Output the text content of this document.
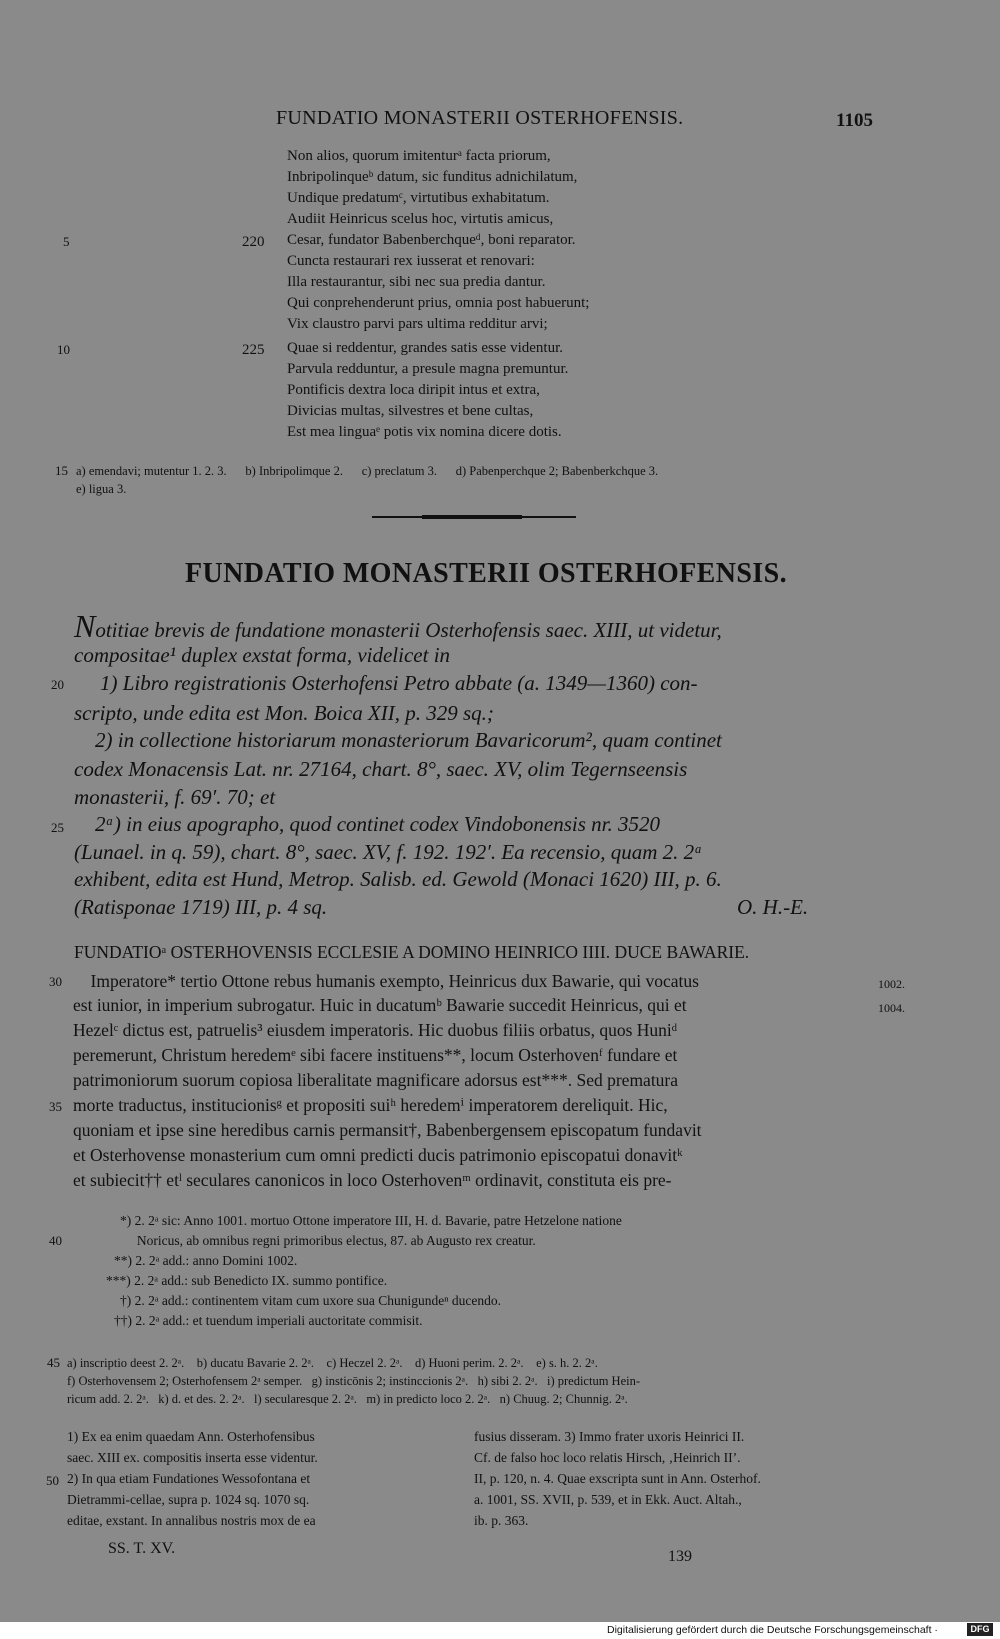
FUNDATIO MONASTERII OSTERHOFENSIS.	1105
Non alios, quorum imitenturᵃ facta priorum,
Inbripolinqueᵇ datum, sic funditus adnichilatum,
Undique predatumᶜ, virtutibus exhabitatum.
Audiit Heinricus scelus hoc, virtutis amicus,
5	220 Cesar, fundator Babenberchqueᵈ, boni reparator.
Cuncta restaurari rex iusserat et renovari:
Illa restaurantur, sibi nec sua predia dantur.
Qui conprehenderunt prius, omnia post habuerunt;
Vix claustro parvi pars ultima redditur arvi;
10	225 Quae si reddentur, grandes satis esse videntur.
Parvula redduntur, a presule magna premuntur.
Pontificis dextra loca diripit intus et extra,
Divicias multas, silvestres et bene cultas,
Est mea linguaᵉ potis vix nomina dicere dotis.
15 a) emendavi; mutentur 1. 2. 3.      b) Inbripolimque 2.      c) preclatum 3.      d) Pabenperchque 2; Babenberkchque 3.
e) ligua 3.
FUNDATIO MONASTERII OSTERHOFENSIS.
Notitiae brevis de fundatione monasterii Osterhofensis saec. XIII, ut videtur,
compositae¹ duplex exstat forma, videlicet in
20 1) Libro registrationis Osterhofensi Petro abbate (a. 1349—1360) con-
scripto, unde edita est Mon. Boica XII, p. 329 sq.;
2) in collectione historiarum monasteriorum Bavaricorum², quam continet
codex Monacensis Lat. nr. 27164, chart. 8°, saec. XV, olim Tegernseensis
monasterii, f. 69′. 70; et
25 2ᵃ) in eius apographo, quod continet codex Vindobonensis nr. 3520
(Lunael. in q. 59), chart. 8°, saec. XV, f. 192. 192′. Ea recensio, quam 2. 2ᵃ
exhibent, edita est Hund, Metrop. Salisb. ed. Gewold (Monaci 1620) III, p. 6.
(Ratisponae 1719) III, p. 4 sq.	O. H.-E.
FUNDATIOᵃ OSTERHOVENSIS ECCLESIE A DOMINO HEINRICO IIII. DUCE BAWARIE.
30 Imperatore* tertio Ottone rebus humanis exempto, Heinricus dux Bawarie, qui vocatus	1002.
est iunior, in imperium subrogatur. Huic in ducatumᵇ Bawarie succedit Heinricus, qui et	1004.
Hezelᶜ dictus est, patruelis³ eiusdem imperatoris. Hic duobus filiis orbatus, quos Huniᵈ
peremerunt, Christum heredemᵉ sibi facere instituens**, locum Osterhovenᶠ fundare et
patrimoniorum suorum copiosa liberalitate magnificare adorsus est***. Sed prematura
35 morte traductus, institucionisᵍ et propositi suiʰ heredemⁱ imperatorem dereliquit. Hic,
quoniam et ipse sine heredibus carnis permansit†, Babenbergensem episcopatum fundavit
et Osterhovense monasterium cum omni predicti ducis patrimonio episcopatui donavitᵏ
et subiecit†† etˡ seculares canonicos in loco Osterhovenᵐ ordinavit, constituta eis pre-
*) 2. 2ᵃ sic: Anno 1001. mortuo Ottone imperatore III, H. d. Bavarie, patre Hetzelone natione
40	Noricus, ab omnibus regni primoribus electus, 87. ab Augusto rex creatur.
**) 2. 2ᵃ add.: anno Domini 1002.
***) 2. 2ᵃ add.: sub Benedicto IX. summo pontifice.
†) 2. 2ᵃ add.: continentem vitam cum uxore sua Chunigundeⁿ ducendo.
††) 2. 2ᵃ add.: et tuendum imperiali auctoritate commisit.
45 a) inscriptio deest 2. 2ᵃ.    b) ducatu Bavarie 2. 2ᵃ.    c) Heczel 2. 2ᵃ.    d) Huoni perim. 2. 2ᵃ.    e) s. h. 2. 2ᵃ.
f) Osterhovensem 2; Osterhofensem 2ᵃ semper.   g) insticōnis 2; instinccionis 2ᵃ.   h) sibi 2. 2ᵃ.   i) predictum Hein-
ricum add. 2. 2ᵃ.   k) d. et des. 2. 2ᵃ.   l) secularesque 2. 2ᵃ.   m) in predicto loco 2. 2ᵃ.   n) Chuug. 2; Chunnig. 2ᵃ.
1) Ex ea enim quaedam Ann. Osterhofensibus
saec. XIII ex. compositis inserta esse videntur.
50 2) In qua etiam Fundationes Wessofontana et
Dietrammi-cellae, supra p. 1024 sq. 1070 sq.
editae, exstant. In annalibus nostris mox de ea
fusius disseram. 3) Immo frater uxoris Heinrici II.
Cf. de falso hoc loco relatis Hirsch, ‚Heinrich II’.
II, p. 120, n. 4. Quae exscripta sunt in Ann. Osterhof.
a. 1001, SS. XVII, p. 539, et in Ekk. Auct. Altah.,
ib. p. 363.
SS. T. XV.	139
Digitalisierung gefördert durch die Deutsche Forschungsgemeinschaft ·	DFG
